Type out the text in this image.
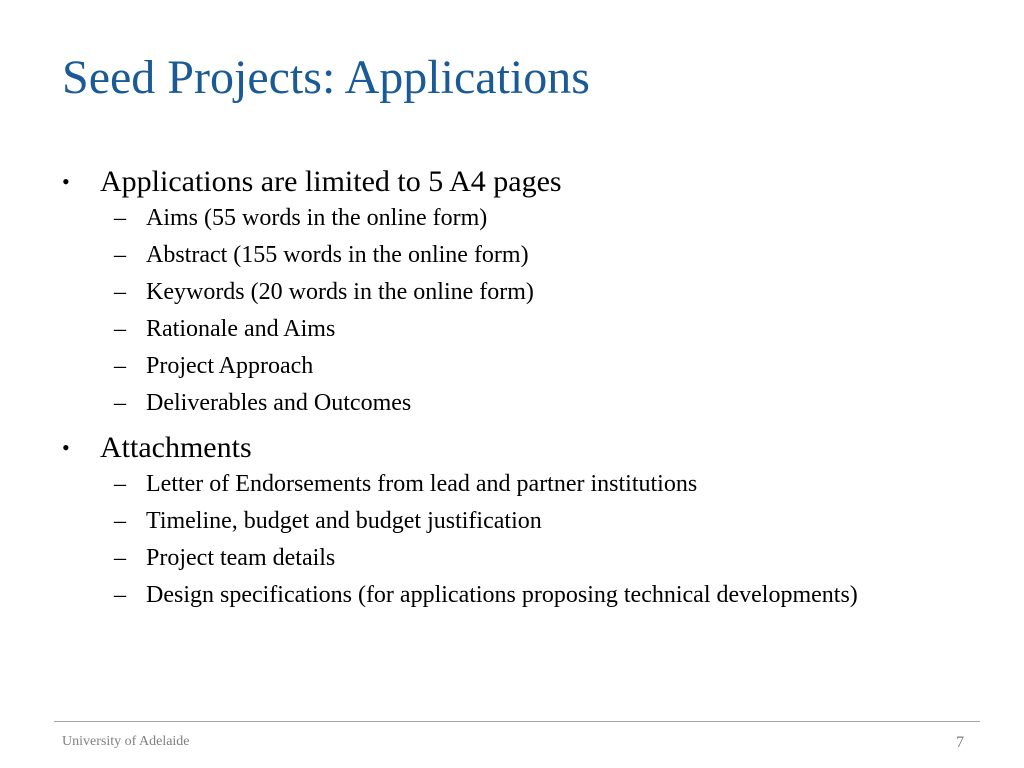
Seed Projects: Applications
• Applications are limited to 5 A4 pages
– Aims (55 words in the online form)
– Abstract (155 words in the online form)
– Keywords (20 words in the online form)
– Rationale and Aims
– Project Approach
– Deliverables and Outcomes
• Attachments
– Letter of Endorsements from lead and partner institutions
– Timeline, budget and budget justification
– Project team details
– Design specifications (for applications proposing technical developments)
University of Adelaide	7
